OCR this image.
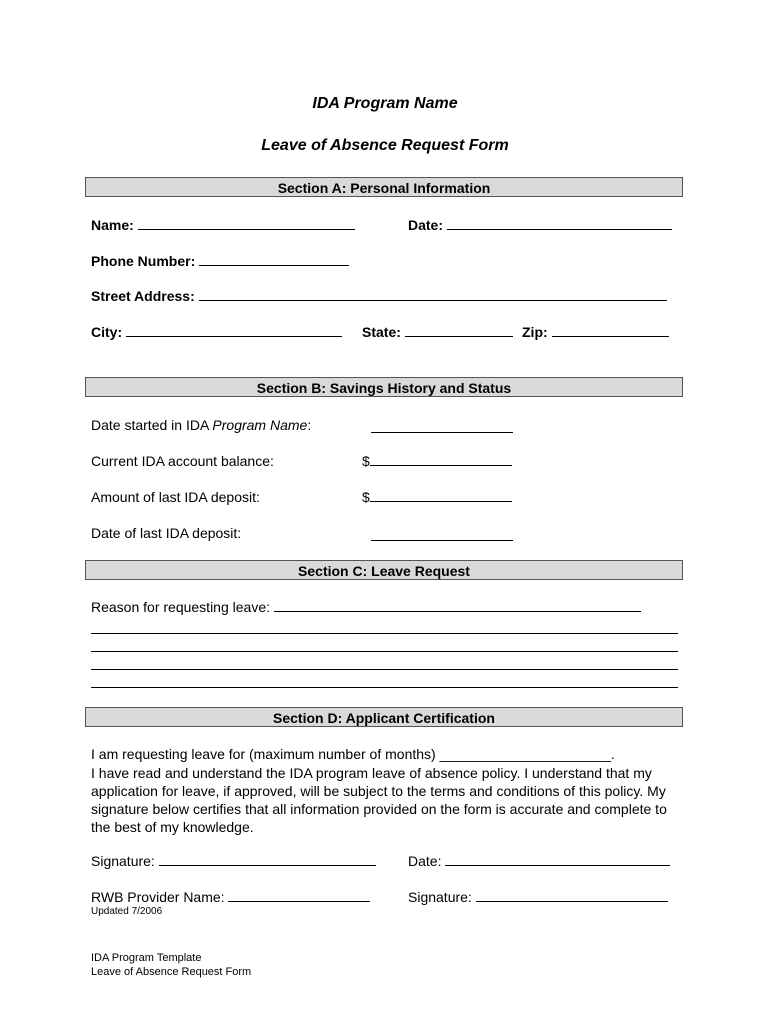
IDA Program Name
Leave of Absence Request Form
Section A: Personal Information
Name:	Date:
Phone Number:
Street Address:
City:	State:	Zip:
Section B: Savings History and Status
Date started in IDA Program Name:
Current IDA account balance:	$
Amount of last IDA deposit:	$
Date of last IDA deposit:
Section C: Leave Request
Reason for requesting leave:
Section D: Applicant Certification
I am requesting leave for (maximum number of months) ______________________.
I have read and understand the IDA program leave of absence policy. I understand that my application for leave, if approved, will be subject to the terms and conditions of this policy. My signature below certifies that all information provided on the form is accurate and complete to the best of my knowledge.
Signature:	Date:
RWB Provider Name:	Signature:
Updated 7/2006
IDA Program Template
Leave of Absence Request Form
